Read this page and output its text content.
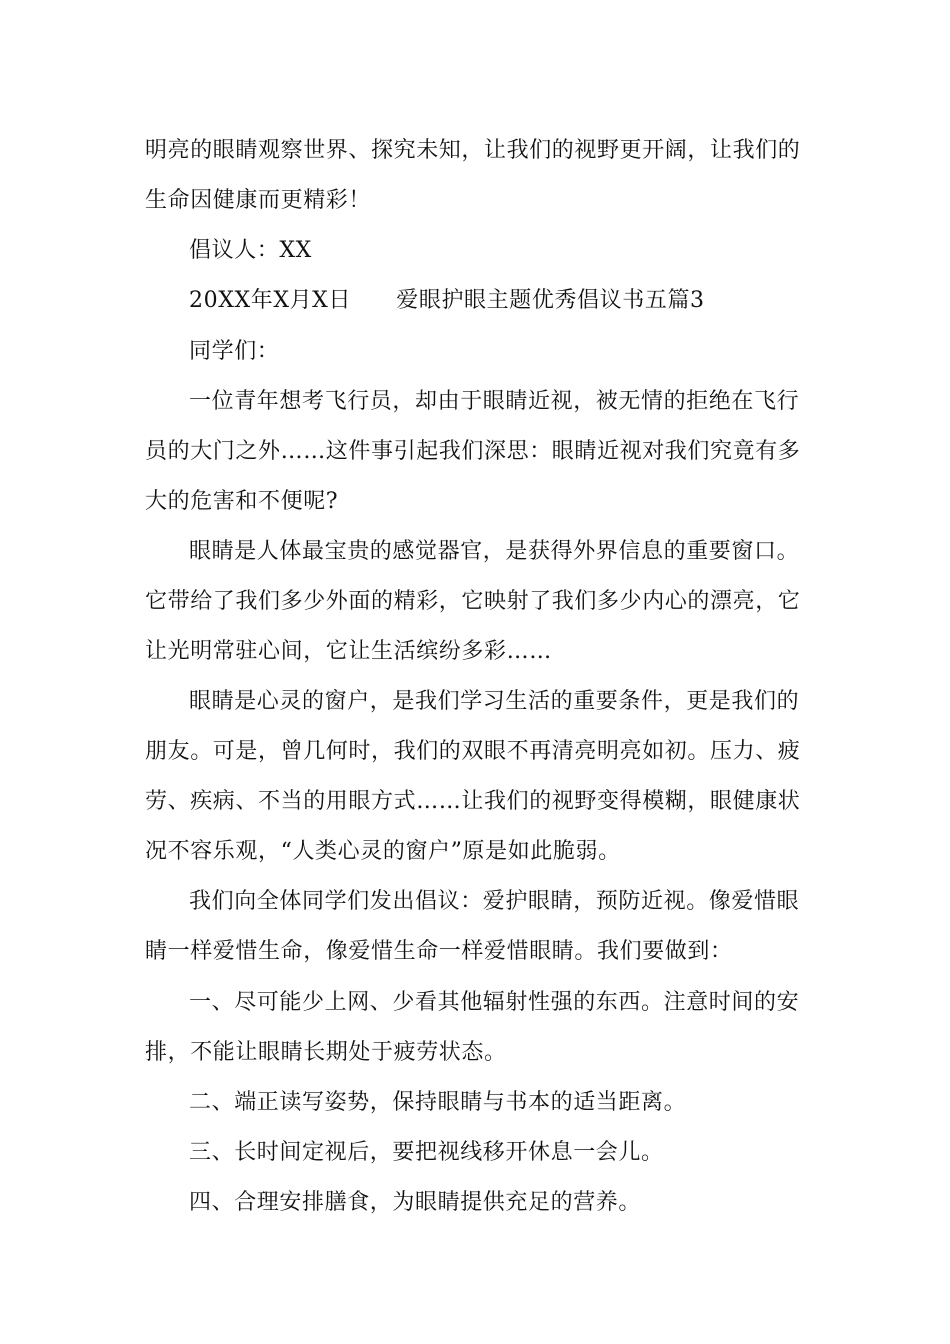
明亮的眼睛观察世界、探究未知，让我们的视野更开阔，让我们的
生命因健康而更精彩！
倡议人：XX
20XX年X月X日　　爱眼护眼主题优秀倡议书五篇3
同学们：
一位青年想考飞行员，却由于眼睛近视，被无情的拒绝在飞行
员的大门之外……这件事引起我们深思：眼睛近视对我们究竟有多
大的危害和不便呢?
眼睛是人体最宝贵的感觉器官，是获得外界信息的重要窗口。
它带给了我们多少外面的精彩，它映射了我们多少内心的漂亮，它
让光明常驻心间，它让生活缤纷多彩……
眼睛是心灵的窗户，是我们学习生活的重要条件，更是我们的
朋友。可是，曾几何时，我们的双眼不再清亮明亮如初。压力、疲
劳、疾病、不当的用眼方式……让我们的视野变得模糊，眼健康状
况不容乐观，“人类心灵的窗户”原是如此脆弱。
我们向全体同学们发出倡议：爱护眼睛，预防近视。像爱惜眼
睛一样爱惜生命，像爱惜生命一样爱惜眼睛。我们要做到：
一、尽可能少上网、少看其他辐射性强的东西。注意时间的安
排，不能让眼睛长期处于疲劳状态。
二、端正读写姿势，保持眼睛与书本的适当距离。
三、长时间定视后，要把视线移开休息一会儿。
四、合理安排膳食，为眼睛提供充足的营养。
